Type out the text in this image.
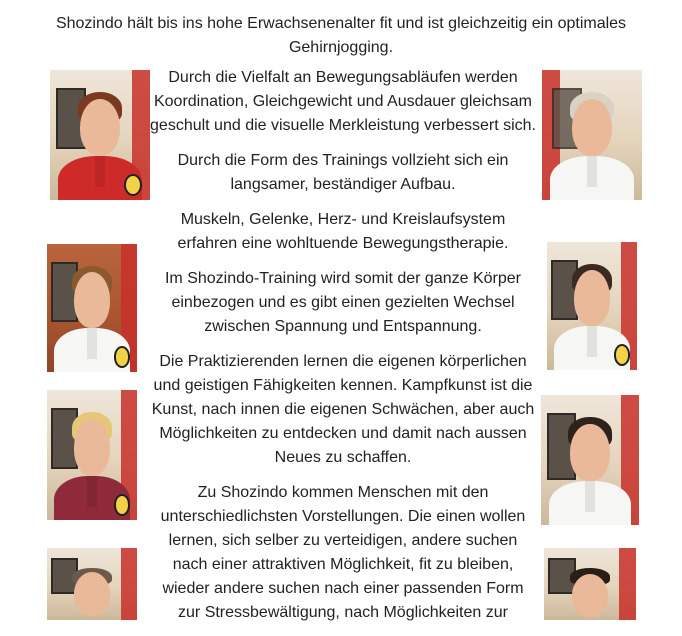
Shozindo hält bis ins hohe Erwachsenenalter fit und ist gleichzeitig ein optimales Gehirnjogging.

Durch die Vielfalt an Bewegungsabläufen werden Koordination, Gleichgewicht und Ausdauer gleichsam geschult und die visuelle Merkleistung verbessert sich.

Durch die Form des Trainings vollzieht sich ein langsamer, beständiger Aufbau.

Muskeln, Gelenke, Herz- und Kreislaufsystem erfahren eine wohltuende Bewegungstherapie.

Im Shozindo-Training wird somit der ganze Körper einbezogen und es gibt einen gezielten Wechsel zwischen Spannung und Entspannung.

Die Praktizierenden lernen die eigenen körperlichen und geistigen Fähigkeiten kennen. Kampfkunst ist die Kunst, nach innen die eigenen Schwächen, aber auch Möglichkeiten zu entdecken und damit nach aussen Neues zu schaffen.

Zu Shozindo kommen Menschen mit den unterschiedlichsten Vorstellungen. Die einen wollen lernen, sich selber zu verteidigen, andere suchen nach einer attraktiven Möglichkeit, fit zu bleiben, wieder andere suchen nach einer passenden Form zur Stressbewältigung, nach Möglichkeiten zur
